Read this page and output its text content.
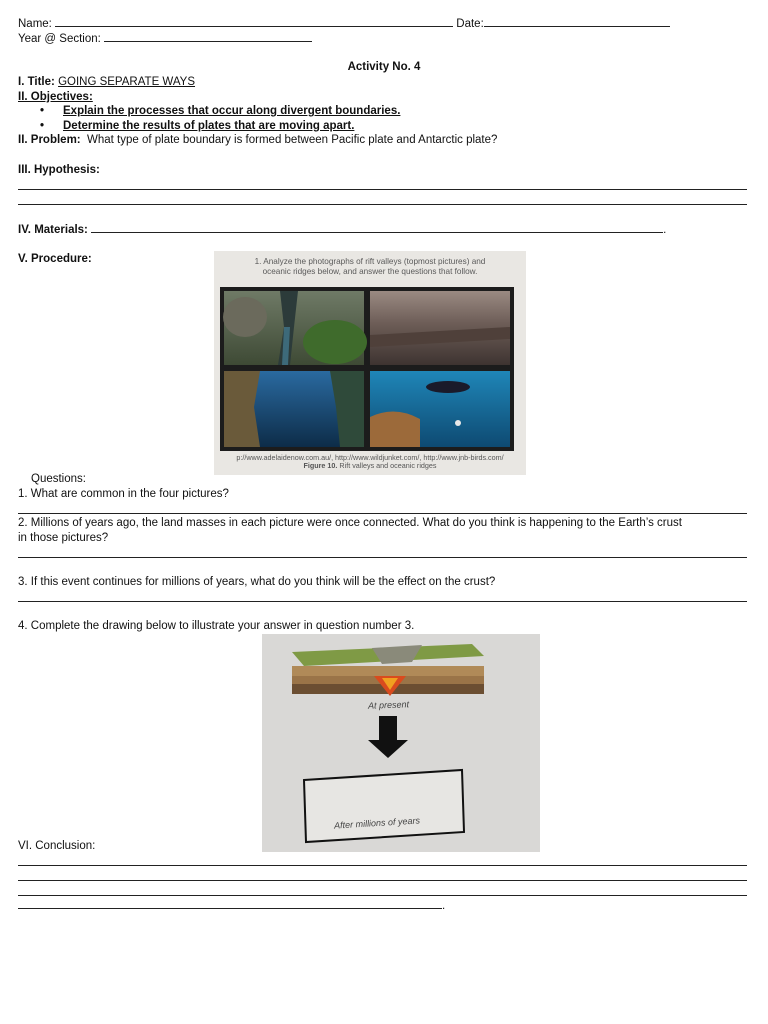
Name:	Date:
Year @ Section:
Activity No. 4
I. Title: GOING SEPARATE WAYS
II. Objectives:
• Explain the processes that occur along divergent boundaries.
• Determine the results of plates that are moving apart.
II. Problem: What type of plate boundary is formed between Pacific plate and Antarctic plate?
III. Hypothesis:
IV. Materials:	.
V. Procedure:	1. Analyze the photographs of rift valleys (topmost pictures) and
oceanic ridges below, and answer the questions that follow.
p://www.adelaidenow.com.au/, http://www.wildjunket.com/, http://www.jnb-birds.com/
Figure 10. Rift valleys and oceanic ridges
Questions:
1. What are common in the four pictures?
2. Millions of years ago, the land masses in each picture were once connected. What do you think is happening to the Earth’s crust
in those pictures?
3. If this event continues for millions of years, what do you think will be the effect on the crust?
4. Complete the drawing below to illustrate your answer in question number 3.
At present
After millions of years
VI. Conclusion:
.
